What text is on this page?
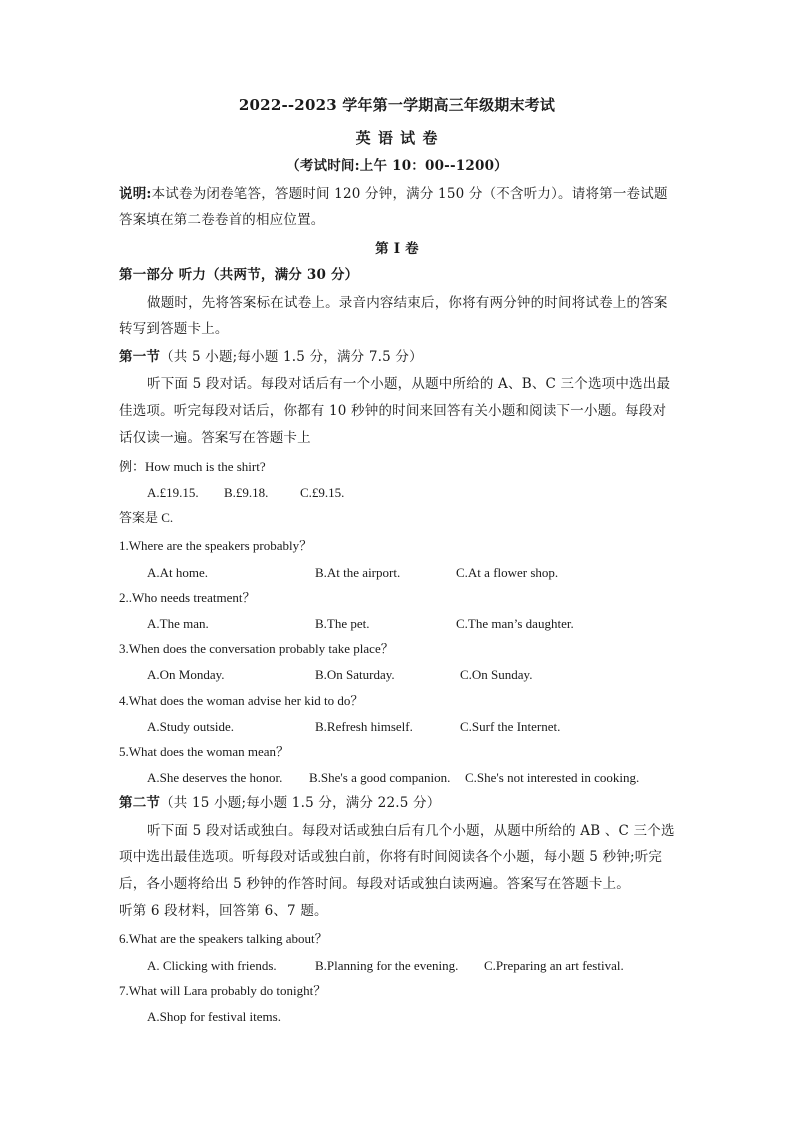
2022--2023 学年第一学期高三年级期末考试
英 语 试 卷
（考试时间:上午 10：00--1200）
说明:本试卷为闭卷笔答，答题时间 120 分钟，满分 150 分（不含听力）。请将第一卷试题
答案填在第二卷卷首的相应位置。
第 I 卷
第一部分 听力（共两节，满分 30 分）
做题时，先将答案标在试卷上。录音内容结束后，你将有两分钟的时间将试卷上的答案
转写到答题卡上。
第一节（共 5 小题;每小题 1.5 分，满分 7.5 分）
听下面 5 段对话。每段对话后有一个小题，从题中所给的 A、B、C 三个选项中选出最
佳选项。听完每段对话后，你都有 10 秒钟的时间来回答有关小题和阅读下一小题。每段对
话仅读一遍。答案写在答题卡上
例：How much is the shirt?
A.£19.15. B.£9.18. C.£9.15.
答案是 C.
1.Where are the speakers probably？
A.At home.	B.At the airport.	C.At a flower shop.
2..Who needs treatment？
A.The man.	B.The pet.	C.The man’s daughter.
3.When does the conversation probably take place？
A.On Monday.	B.On Saturday.	C.On Sunday.
4.What does the woman advise her kid to do？
A.Study outside.	B.Refresh himself.	C.Surf the Internet.
5.What does the woman mean？
A.She deserves the honor. B.She's a good companion. C.She's not interested in cooking.
第二节（共 15 小题;每小题 1.5 分，满分 22.5 分）
听下面 5 段对话或独白。每段对话或独白后有几个小题，从题中所给的 AB 、C 三个选
项中选出最佳选项。听每段对话或独白前，你将有时间阅读各个小题，每小题 5 秒钟;听完
后，各小题将给出 5 秒钟的作答时间。每段对话或独白读两遍。答案写在答题卡上。
听第 6 段材料，回答第 6、7 题。
6.What are the speakers talking about？
A. Clicking with friends.	B.Planning for the evening. C.Preparing an art festival.
7.What will Lara probably do tonight？
A.Shop for festival items.
